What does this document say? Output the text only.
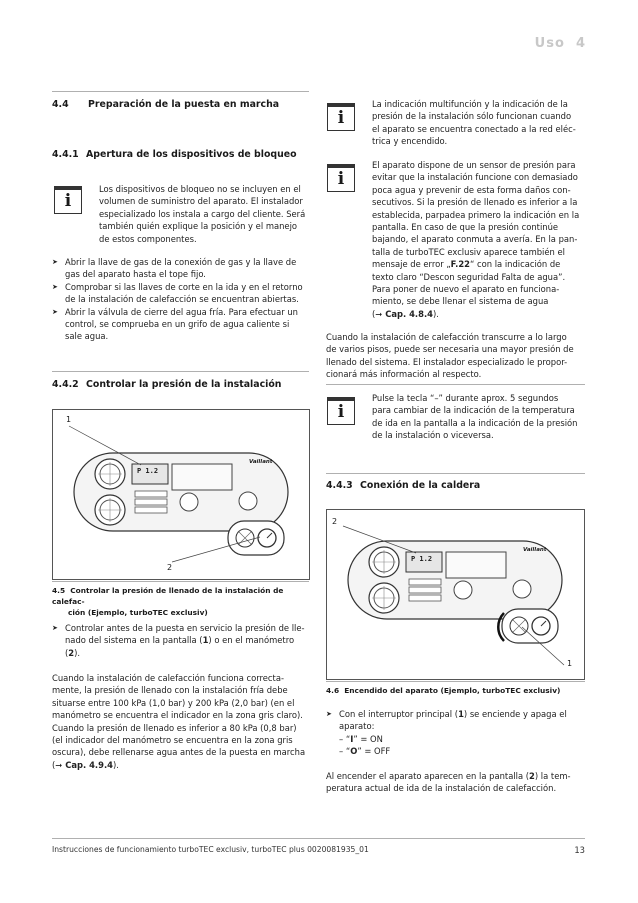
Uso 4
4.4 Preparación de la puesta en marcha
4.4.1 Apertura de los dispositivos de bloqueo
i
Los dispositivos de bloqueo no se incluyen en el
volumen de suministro del aparato. El instalador
especializado los instala a cargo del cliente. Será
también quién explique la posición y el manejo
de estos componentes.
➤ Abrir la llave de gas de la conexión de gas y la llave de
gas del aparato hasta el tope fijo.
➤ Comprobar si las llaves de corte en la ida y en el retorno
de la instalación de calefacción se encuentran abiertas.
➤ Abrir la válvula de cierre del agua fría. Para efectuar un
control, se comprueba en un grifo de agua caliente si
sale agua.
4.4.2 Controlar la presión de la instalación
1
2
P 1.2
Vaillant
4.5 Controlar la presión de llenado de la instalación de calefac-
ción (Ejemplo, turboTEC exclusiv)
➤ Controlar antes de la puesta en servicio la presión de lle-
nado del sistema en la pantalla (1) o en el manómetro
(2).
Cuando la instalación de calefacción funciona correcta-
mente, la presión de llenado con la instalación fría debe
situarse entre 100 kPa (1,0 bar) y 200 kPa (2,0 bar) (en el
manómetro se encuentra el indicador en la zona gris claro).
Cuando la presión de llenado es inferior a 80 kPa (0,8 bar)
(el indicador del manómetro se encuentra en la zona gris
oscura), debe rellenarse agua antes de la puesta en marcha
(➞ Cap. 4.9.4).
i
La indicación multifunción y la indicación de la
presión de la instalación sólo funcionan cuando
el aparato se encuentra conectado a la red eléc-
trica y encendido.
i
El aparato dispone de un sensor de presión para
evitar que la instalación funcione con demasiado
poca agua y prevenir de esta forma daños con-
secutivos. Si la presión de llenado es inferior a la
establecida, parpadea primero la indicación en la
pantalla. En caso de que la presión continúe
bajando, el aparato conmuta a avería. En la pan-
talla de turboTEC exclusiv aparece también el
mensaje de error „F.22“ con la indicación de
texto claro “Descon seguridad Falta de agua”.
Para poner de nuevo el aparato en funciona-
miento, se debe llenar el sistema de agua
(➞ Cap. 4.8.4).
Cuando la instalación de calefacción transcurre a lo largo
de varios pisos, puede ser necesaria una mayor presión de
llenado del sistema. El instalador especializado le propor-
cionará más información al respecto.
i
Pulse la tecla “–” durante aprox. 5 segundos
para cambiar de la indicación de la temperatura
de ida en la pantalla a la indicación de la presión
de la instalación o viceversa.
4.4.3 Conexión de la caldera
2
1
P 1.2
Vaillant
4.6 Encendido del aparato (Ejemplo, turboTEC exclusiv)
➤ Con el interruptor principal (1) se enciende y apaga el
aparato:
– “I” = ON
– “O” = OFF
Al encender el aparato aparecen en la pantalla (2) la tem-
peratura actual de ida de la instalación de calefacción.
Instrucciones de funcionamiento turboTEC exclusiv, turboTEC plus 0020081935_01	13
